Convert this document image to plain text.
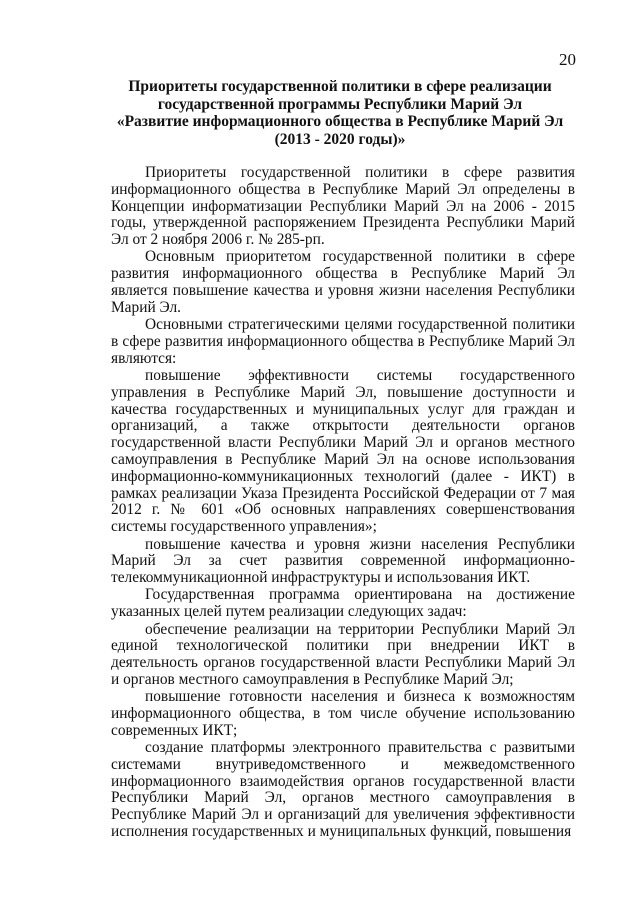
20
Приоритеты государственной политики в сфере реализации
государственной программы Республики Марий Эл
«Развитие информационного общества в Республике Марий Эл
(2013 - 2020 годы)»

Приоритеты государственной политики в сфере развития информационного общества в Республике Марий Эл определены в Концепции информатизации Республики Марий Эл на 2006 - 2015 годы, утвержденной распоряжением Президента Республики Марий Эл от 2 ноября 2006 г. № 285-рп.

Основным приоритетом государственной политики в сфере развития информационного общества в Республике Марий Эл является повышение качества и уровня жизни населения Республики Марий Эл.

Основными стратегическими целями государственной политики в сфере развития информационного общества в Республике Марий Эл являются:

повышение эффективности системы государственного управления в Республике Марий Эл, повышение доступности и качества государственных и муниципальных услуг для граждан и организаций, а также открытости деятельности органов государственной власти Республики Марий Эл и органов местного самоуправления в Республике Марий Эл на основе использования информационно-коммуникационных технологий (далее - ИКТ) в рамках реализации Указа Президента Российской Федерации от 7 мая 2012 г. № 601 «Об основных направлениях совершенствования системы государственного управления»;

повышение качества и уровня жизни населения Республики Марий Эл за счет развития современной информационно-телекоммуникационной инфраструктуры и использования ИКТ.

Государственная программа ориентирована на достижение указанных целей путем реализации следующих задач:

обеспечение реализации на территории Республики Марий Эл единой технологической политики при внедрении ИКТ в деятельность органов государственной власти Республики Марий Эл и органов местного самоуправления в Республике Марий Эл;

повышение готовности населения и бизнеса к возможностям информационного общества, в том числе обучение использованию современных ИКТ;

создание платформы электронного правительства с развитыми системами внутриведомственного и межведомственного информационного взаимодействия органов государственной власти Республики Марий Эл, органов местного самоуправления в Республике Марий Эл и организаций для увеличения эффективности исполнения государственных и муниципальных функций, повышения
